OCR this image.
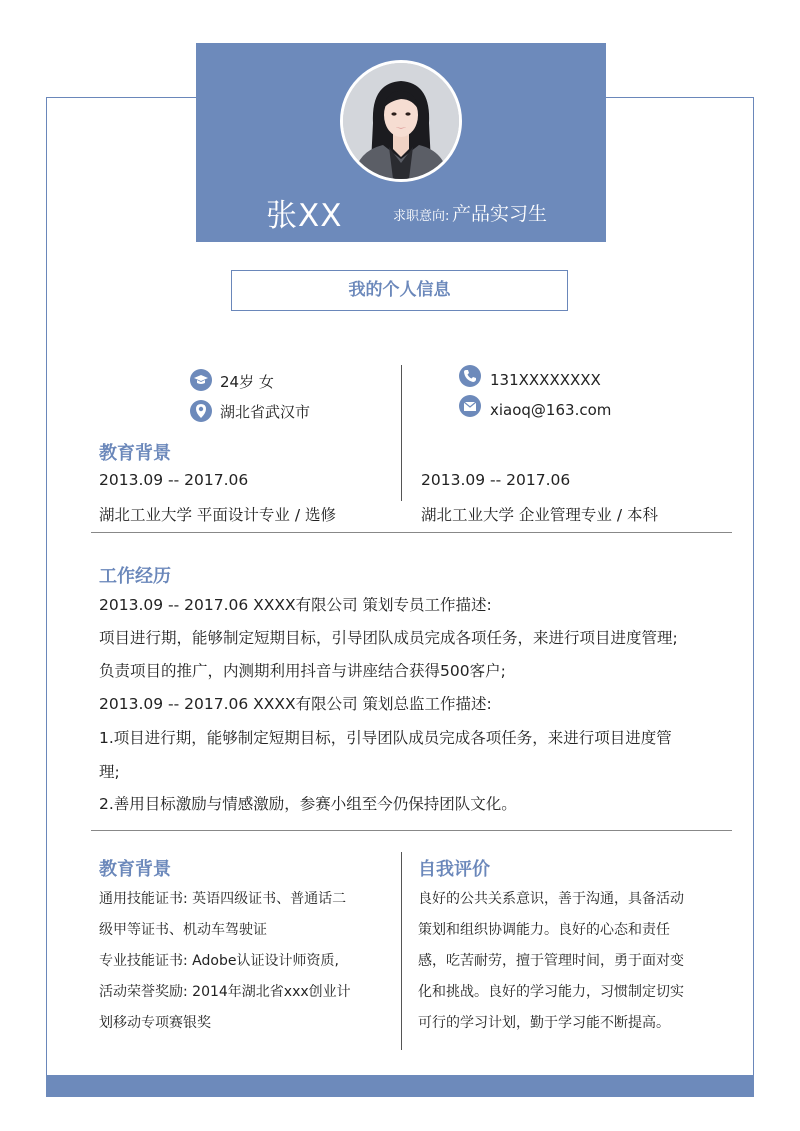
张XX	求职意向: 产品实习生
我的个人信息
24岁 女
湖北省武汉市
131XXXXXXXX
xiaoq@163.com
教育背景
2013.09 -- 2017.06
湖北工业大学 平面设计专业 / 选修
2013.09 -- 2017.06
湖北工业大学 企业管理专业 / 本科
工作经历
2013.09 -- 2017.06 XXXX有限公司 策划专员工作描述:
项目进行期，能够制定短期目标，引导团队成员完成各项任务，来进行项目进度管理;
负责项目的推广，内测期利用抖音与讲座结合获得500客户;
2013.09 -- 2017.06 XXXX有限公司 策划总监工作描述:
1.项目进行期，能够制定短期目标，引导团队成员完成各项任务，来进行项目进度管
理;
2.善用目标激励与情感激励，参赛小组至今仍保持团队文化。
教育背景
通用技能证书: 英语四级证书、普通话二
级甲等证书、机动车驾驶证
专业技能证书: Adobe认证设计师资质,
活动荣誉奖励: 2014年湖北省xxx创业计
划移动专项赛银奖
自我评价
良好的公共关系意识，善于沟通，具备活动
策划和组织协调能力。良好的心态和责任
感，吃苦耐劳，擅于管理时间，勇于面对变
化和挑战。良好的学习能力，习惯制定切实
可行的学习计划，勤于学习能不断提高。
